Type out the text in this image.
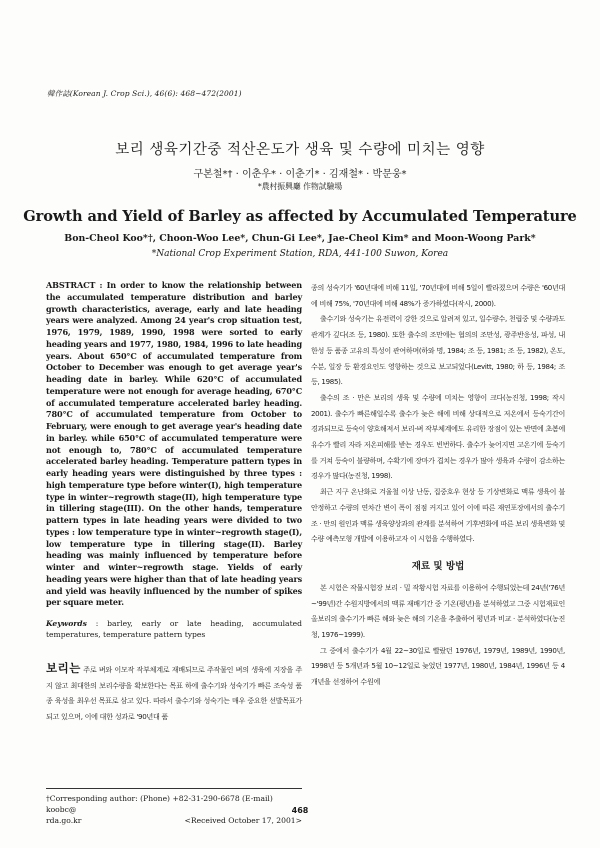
韓作誌(Korean J. Crop Sci.), 46(6): 468~472(2001)
보리 생육기간중 적산온도가 생육 및 수량에 미치는 영향
구본철*† · 이춘우* · 이춘기* · 김재철* · 박문웅*
*農村振興廳 作物試驗場
Growth and Yield of Barley as affected by Accumulated Temperature
Bon-Cheol Koo*†, Choon-Woo Lee*, Chun-Gi Lee*, Jae-Cheol Kim* and Moon-Woong Park*
*National Crop Experiment Station, RDA, 441-100 Suwon, Korea

ABSTRACT : In order to know the relationship between the accumulated temperature distribution and barley growth characteristics, average, early and late heading years were analyzed. Among 24 year's crop situation test, 1976, 1979, 1989, 1990, 1998 were sorted to early heading years and 1977, 1980, 1984, 1996 to late heading years. About 650°C of accumulated temperature from October to December was enough to get average year's heading date in barley. While 620°C of accumulated temperature were not enough for average heading, 670°C of accumulated temperature accelerated barley heading. 780°C of accumulated temperature from October to February, were enough to get average year's heading date in barley. while 650°C of accumulated temperature were not enough to, 780°C of accumulated temperature accelerated barley heading. Temperature pattern types in early heading years were distinguished by three types : high temperature type before winter(I), high temperature type in winter~regrowth stage(II), high temperature type in tillering stage(III). On the other hands, temperature pattern types in late heading years were divided to two types : low temperature type in winter~regrowth stage(I), low temperature type in tillering stage(II). Barley heading was mainly influenced by temperature before winter and winter~regrowth stage. Yields of early heading years were higher than that of late heading years and yield was heavily influenced by the number of spikes per square meter.

Keywords : barley, early or late heading, accumulated temperatures, temperature pattern types

보리는 주로 벼와 이모작 작부체계로 재배되므로 주작물인 벼의 생육에 지장을 주지 않고 최대한의 보리수량을 확보한다는 목표 하에 출수기와 성숙기가 빠른 조숙성 품종 육성을 최우선 목표로 삼고 있다. 따라서 출수기와 성숙기는 매우 중요한 선발목표가 되고 있으며, 이에 대한 성과로 '90년대 품

†Corresponding author: (Phone) +82-31-290-6678 (E-mail) koobc@
rda.go.kr	<Received October 17, 2001>

종의 성숙기가 '60년대에 비해 11일, '70년대에 비해 5일이 빨라졌으며 수량은 '60년대에 비해 75%, '70년대에 비해 48%가 증가하였다(작시, 2000).

출수기와 성숙기는 유전력이 강한 것으로 알려져 있고, 일수량수, 천립중 및 수량과도 관계가 깊다(조 등, 1980). 또한 출수의 조만에는 협의의 조만성, 광주반응성, 파성, 내한성 등 품종 고유의 특성이 관여하며(하와 명, 1984; 조 등, 1981; 조 등, 1982), 온도, 수분, 일장 등 환경요인도 영향하는 것으로 보고되었다(Levitt, 1980; 하 등, 1984; 조 등, 1985).

출수의 조 · 만은 보리의 생육 및 수량에 미치는 영향이 크다(농진청, 1998; 작시 2001). 출수가 빠른해일수록 출수가 늦은 해에 비해 상대적으로 저온에서 등숙기간이 경과되므로 등숙이 양호해져서 보리-벼 작부체계에도 유리한 장점이 있는 반면에 초봄에 유수가 빨리 자라 저온피해를 받는 경우도 빈번하다. 출수가 늦어지면 고온기에 등숙기를 거쳐 등숙이 불량하며, 수확기에 장마가 겹치는 경우가 많아 생육과 수량이 감소하는 경우가 많다(농진청, 1998).

최근 지구 온난화로 겨울철 이상 난동, 집중호우 현상 등 기상변화로 맥류 생육이 불안정하고 수량의 연차간 변이 폭이 점점 커지고 있어 이에 따른 재연포장에서의 출수기 조 · 만의 원인과 맥류 생육양상과의 관계를 분석하여 기후변화에 따른 보리 생육변화 및 수량 예측모형 개발에 이용하고자 이 시험을 수행하였다.

재료 및 방법

본 시험은 작물시험장 보리 · 밀 작황시험 자료를 이용하여 수행되었는데 24년('76년~'99년)간 수원지방에서의 맥류 재배기간 중 기온(평년)을 분석하였고 그중 시험재료인 올보리의 출수기가 빠른 해와 늦은 해의 기온을 추출하여 평년과 비교 · 분석하였다(농진청, 1976~1999).

그 중에서 출수기가 4월 22~30일로 빨랐던 1976년, 1979년, 1989년, 1990년, 1998년 등 5개년과 5월 10~12일로 늦었던 1977년, 1980년, 1984년, 1996년 등 4개년을 선정하여 수원에

468
